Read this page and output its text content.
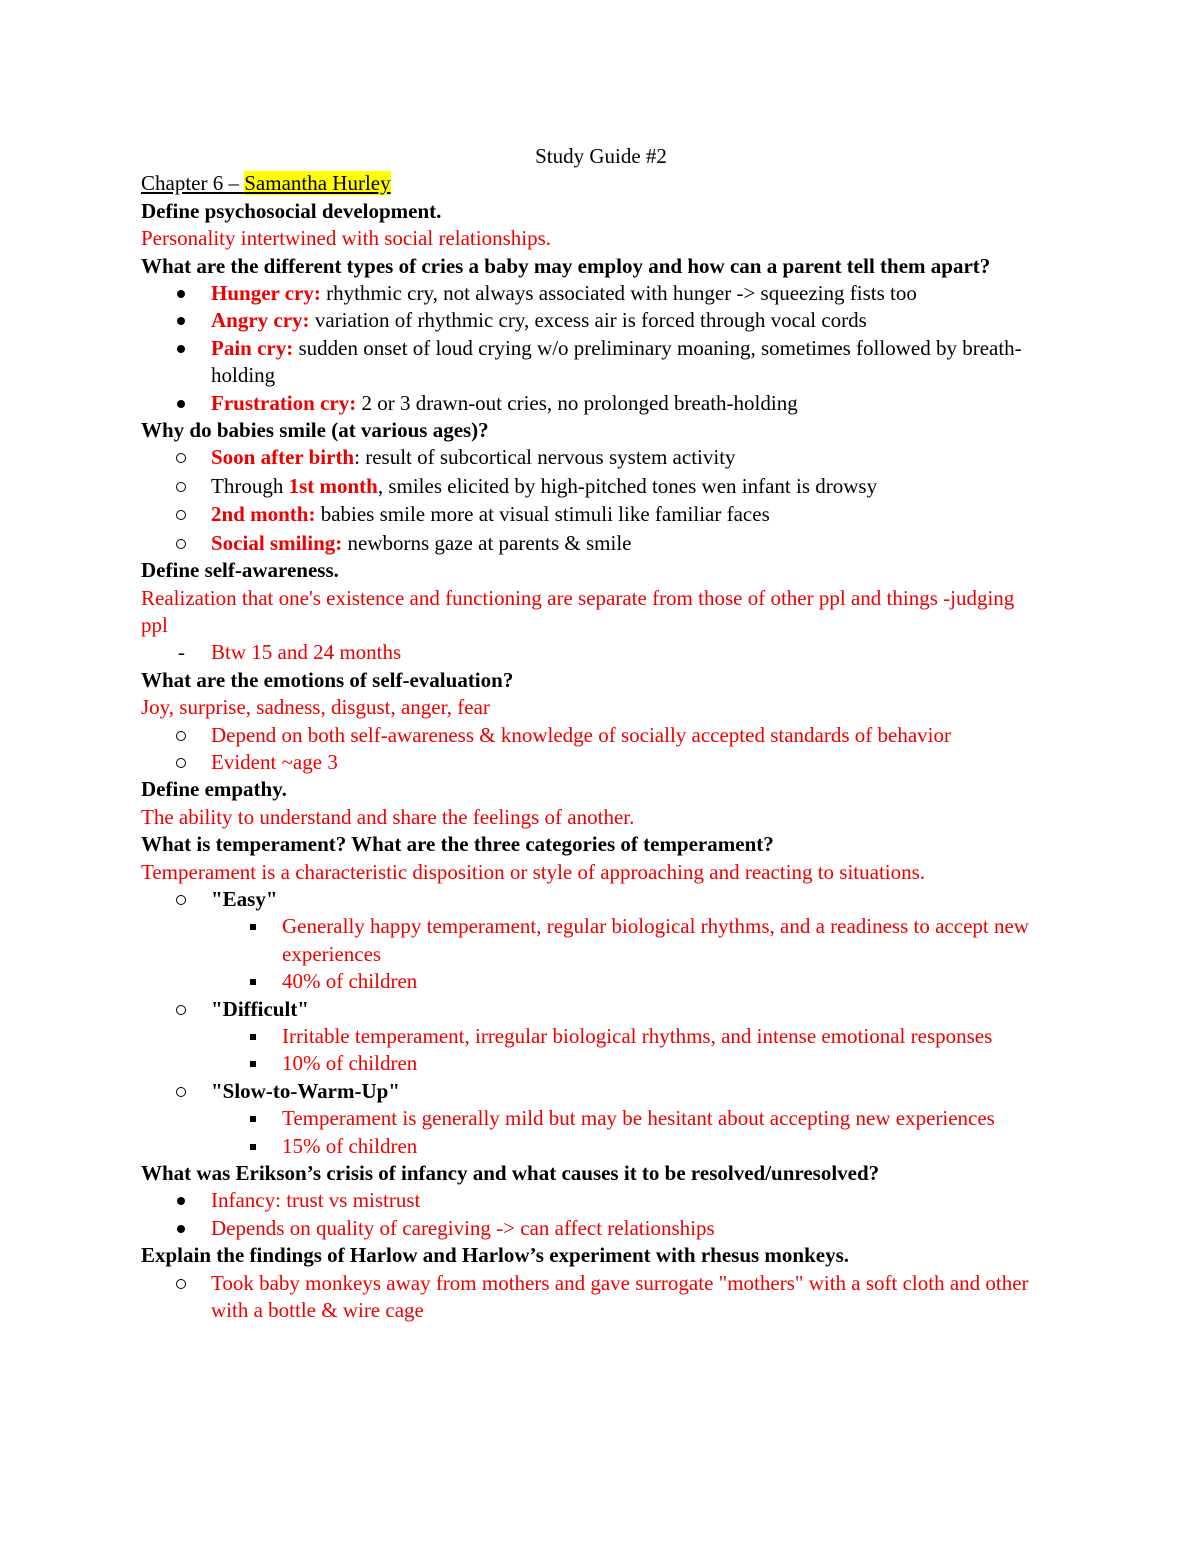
Study Guide #2

Chapter 6 – Samantha Hurley

Define psychosocial development.

Personality intertwined with social relationships.

What are the different types of cries a baby may employ and how can a parent tell them apart?

Hunger cry: rhythmic cry, not always associated with hunger -> squeezing fists too
Angry cry: variation of rhythmic cry, excess air is forced through vocal cords
Pain cry: sudden onset of loud crying w/o preliminary moaning, sometimes followed by breath-holding
Frustration cry: 2 or 3 drawn-out cries, no prolonged breath-holding

Why do babies smile (at various ages)?

Soon after birth: result of subcortical nervous system activity
Through 1st month, smiles elicited by high-pitched tones wen infant is drowsy
2nd month: babies smile more at visual stimuli like familiar faces
Social smiling: newborns gaze at parents & smile

Define self-awareness.

Realization that one's existence and functioning are separate from those of other ppl and things -judging ppl

- Btw 15 and 24 months

What are the emotions of self-evaluation?

Joy, surprise, sadness, disgust, anger, fear

Depend on both self-awareness & knowledge of socially accepted standards of behavior
Evident ~age 3

Define empathy.

The ability to understand and share the feelings of another.

What is temperament? What are the three categories of temperament?

Temperament is a characteristic disposition or style of approaching and reacting to situations.

"Easy"
Generally happy temperament, regular biological rhythms, and a readiness to accept new experiences
40% of children
"Difficult"
Irritable temperament, irregular biological rhythms, and intense emotional responses
10% of children
"Slow-to-Warm-Up"
Temperament is generally mild but may be hesitant about accepting new experiences
15% of children

What was Erikson’s crisis of infancy and what causes it to be resolved/unresolved?

Infancy: trust vs mistrust
Depends on quality of caregiving -> can affect relationships

Explain the findings of Harlow and Harlow’s experiment with rhesus monkeys.

Took baby monkeys away from mothers and gave surrogate "mothers" with a soft cloth and other with a bottle & wire cage
